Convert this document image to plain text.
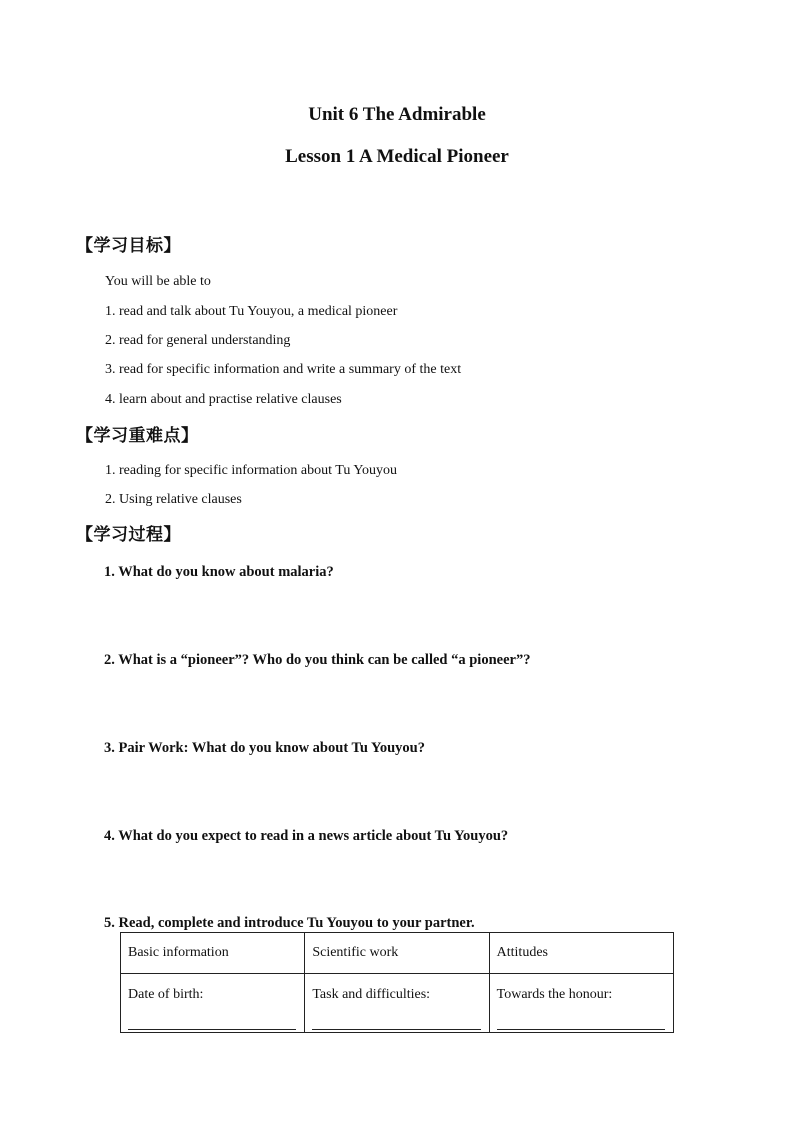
Unit 6 The Admirable
Lesson 1 A Medical Pioneer
【学习目标】
You will be able to
1. read and talk about Tu Youyou, a medical pioneer
2. read for general understanding
3. read for specific information and write a summary of the text
4. learn about and practise relative clauses
【学习重难点】
1. reading for specific information about Tu Youyou
2. Using relative clauses
【学习过程】
1. What do you know about malaria?
2. What is a “pioneer”? Who do you think can be called “a pioneer”?
3. Pair Work: What do you know about Tu Youyou?
4. What do you expect to read in a news article about Tu Youyou?
5. Read, complete and introduce Tu Youyou to your partner.
Basic information	Scientific work	Attitudes
Date of birth:	Task and difficulties:	Towards the honour:
